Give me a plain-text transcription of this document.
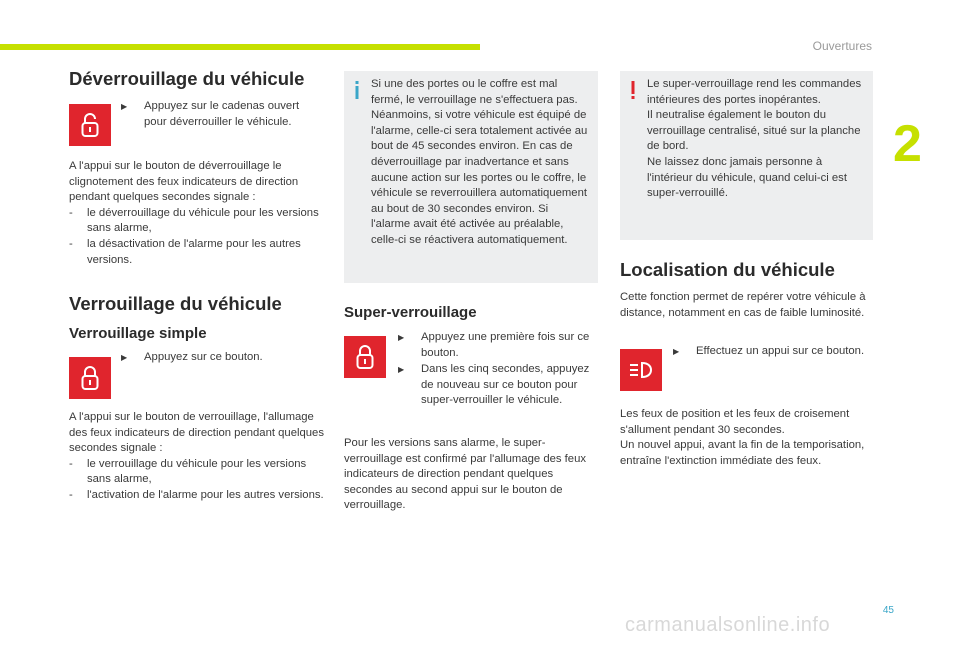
Ouvertures
2
45
carmanualsonline.info
Déverrouillage du véhicule
▶	Appuyez sur le cadenas ouvert pour déverrouiller le véhicule.

A l'appui sur le bouton de déverrouillage le clignotement des feux indicateurs de direction pendant quelques secondes signale :

- le déverrouillage du véhicule pour les versions sans alarme,
- la désactivation de l'alarme pour les autres versions.
Verrouillage du véhicule
Verrouillage simple
▶	Appuyez sur ce bouton.

A l'appui sur le bouton de verrouillage, l'allumage des feux indicateurs de direction pendant quelques secondes signale :

- le verrouillage du véhicule pour les versions sans alarme,
- l'activation de l'alarme pour les autres versions.

Si une des portes ou le coffre est mal fermé, le verrouillage ne s'effectuera pas. Néanmoins, si votre véhicule est équipé de l'alarme, celle-ci sera totalement activée au bout de 45 secondes environ. En cas de déverrouillage par inadvertance et sans aucune action sur les portes ou le coffre, le véhicule se reverrouillera automatiquement au bout de 30 secondes environ. Si l'alarme avait été activée au préalable, celle-ci se réactivera automatiquement.

Super-verrouillage
▶	Appuyez une première fois sur ce bouton.
▶	Dans les cinq secondes, appuyez de nouveau sur ce bouton pour super-verrouiller le véhicule.

Pour les versions sans alarme, le super-verrouillage est confirmé par l'allumage des feux indicateurs de direction pendant quelques secondes au second appui sur le bouton de verrouillage.

Le super-verrouillage rend les commandes intérieures des portes inopérantes.

Il neutralise également le bouton du verrouillage centralisé, situé sur la planche de bord.

Ne laissez donc jamais personne à l'intérieur du véhicule, quand celui-ci est super-verrouillé.

Localisation du véhicule

Cette fonction permet de repérer votre véhicule à distance, notamment en cas de faible luminosité.

▶	Effectuez un appui sur ce bouton.

Les feux de position et les feux de croisement s'allument pendant 30 secondes.

Un nouvel appui, avant la fin de la temporisation, entraîne l'extinction immédiate des feux.
